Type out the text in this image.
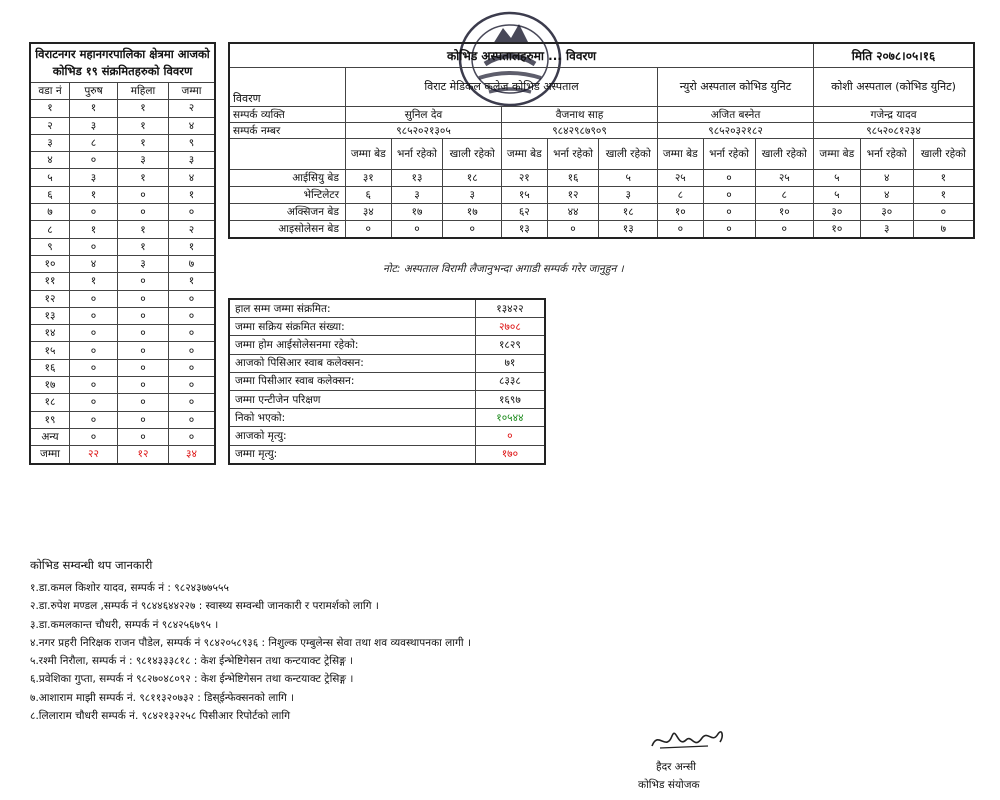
विराटनगर महानगरपालिका क्षेत्रमा आजको कोभिड १९ संक्रमितहरुको विवरण			
वडा नं	पुरुष	महिला	जम्मा
१	१	१	२
२	३	१	४
३	८	१	९
४	०	३	३
५	३	१	४
६	१	०	१
७	०	०	०
८	१	१	२
९	०	१	१
१०	४	३	७
११	१	०	१
१२	०	०	०
१३	०	०	०
१४	०	०	०
१५	०	०	०
१६	०	०	०
१७	०	०	०
१८	०	०	०
१९	०	०	०
अन्य	०	०	०
जम्मा	२२	१२	३४
कोभिड अस्पतालहरुमा ... विवरण										मिति २०७८।०५।१६		
विवरण	विराट मेडिकल कलेज कोभिड अस्पताल						न्युरो अस्पताल कोभिड युनिट			कोशी अस्पताल (कोभिड युनिट)		
सम्पर्क व्यक्ति	सुनिल देव			वैजनाथ साह			अजित बस्नेत			गजेन्द्र यादव		
सम्पर्क नम्बर	९८५२०२१३०५			९८४२९८७९०९			९८५२०३२१८२			९८५२०८१२३४		
	जम्मा बेड	भर्ना रहेको	खाली रहेको	जम्मा बेड	भर्ना रहेको	खाली रहेको	जम्मा बेड	भर्ना रहेको	खाली रहेको	जम्मा बेड	भर्ना रहेको	खाली रहेको
आईसियु बेड	३१	१३	१८	२१	१६	५	२५	०	२५	५	४	१
भेन्टिलेटर	६	३	३	१५	१२	३	८	०	८	५	४	१
अक्सिजन बेड	३४	१७	१७	६२	४४	१८	१०	०	१०	३०	३०	०
आइसोलेसन बेड	०	०	०	१३	०	१३	०	०	०	१०	३	७
नोट: अस्पताल विरामी लैजानुभन्दा अगाडी सम्पर्क गरेर जानुहुन ।
हाल सम्म जम्मा संक्रमित:	१३४२२
जम्मा सक्रिय संक्रमित संख्या:	२७०८
जम्मा होम आईसोलेसनमा रहेको:	१८२९
आजको पिसिआर स्वाब कलेक्सन:	७१
जम्मा पिसीआर स्वाब कलेक्सन:	८३३८
जम्मा एन्टीजेन परिक्षण	१६९७
निको भएको:	१०५४४
आजको मृत्यु:	०
जम्मा मृत्यु:	१७०
कोभिड सम्वन्धी थप जानकारी
१.डा.कमल किशोर यादव, सम्पर्क नं : ९८२४३७७५५५
२.डा.रुपेश मण्डल ,सम्पर्क नं ९८४४६४४२२७ : स्वास्थ्य सम्वन्धी जानकारी र परामर्शको लागि ।
३.डा.कमलकान्त चौधरी, सम्पर्क नं ९८४२५६७९५ ।
४.नगर प्रहरी निरिक्षक राजन पौडेल, सम्पर्क नं ९८४२०५८९३६ : निशुल्क एम्बुलेन्स सेवा तथा शव व्यवस्थापनका लागी ।
५.रश्मी निरौला, सम्पर्क नं : ९८१४३३३८१८ : केश ईन्भेष्टिगेसन तथा कन्टयाक्ट ट्रेसिङ्ग ।
६.प्रवेशिका गुप्ता, सम्पर्क नं ९८२७०४८०९२ : केश ईन्भेष्टिगेसन तथा कन्टयाक्ट ट्रेसिङ्ग ।
७.आशाराम माझी सम्पर्क नं. ९८११३२०७३२ : डिस्ईन्फेक्सनको लागि ।
८.लिलाराम चौधरी सम्पर्क नं. ९८४२१३२२५८ पिसीआर रिपोर्टको लागि
हैदर अन्सी
कोभिड संयोजक
